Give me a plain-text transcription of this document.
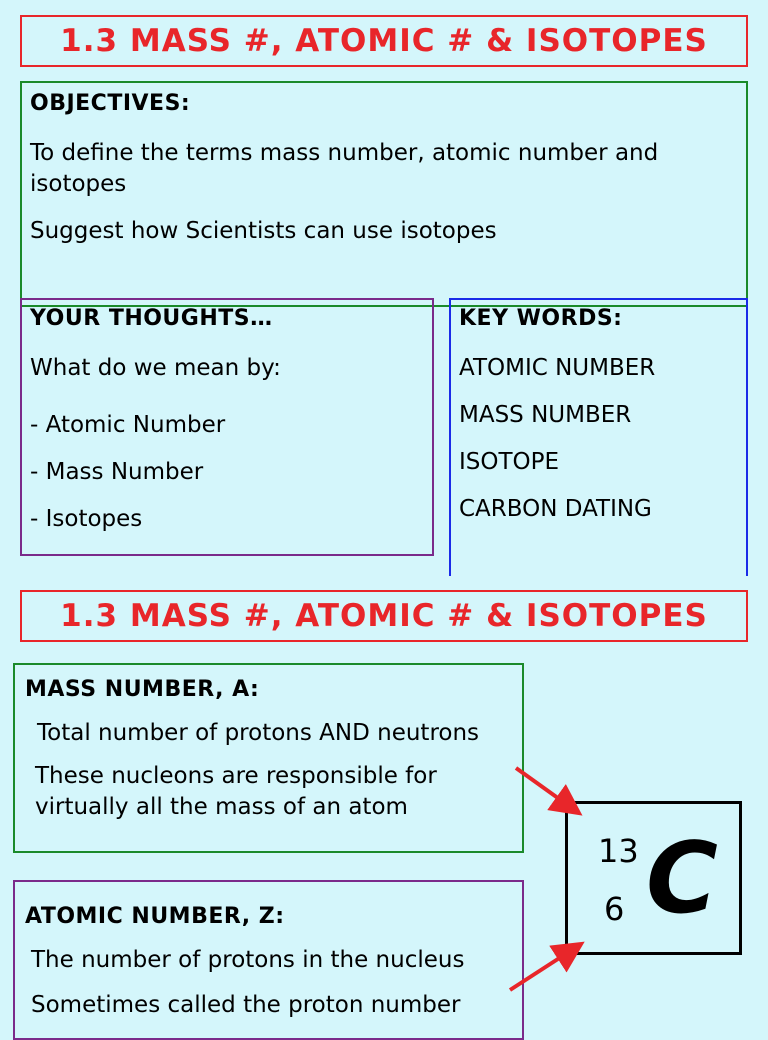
1.3 MASS #, ATOMIC # & ISOTOPES
OBJECTIVES:

To define the terms mass number, atomic number and isotopes

Suggest how Scientists can use isotopes

YOUR THOUGHTS…

What do we mean by:

- Atomic Number

- Mass Number

- Isotopes

KEY WORDS:

ATOMIC NUMBER

MASS NUMBER

ISOTOPE

CARBON DATING

1.3 MASS #, ATOMIC # & ISOTOPES
MASS NUMBER, A:

Total number of protons AND neutrons

These nucleons are responsible for virtually all the mass of an atom

ATOMIC NUMBER, Z:

The number of protons in the nucleus

Sometimes called the proton number

13
6 C
